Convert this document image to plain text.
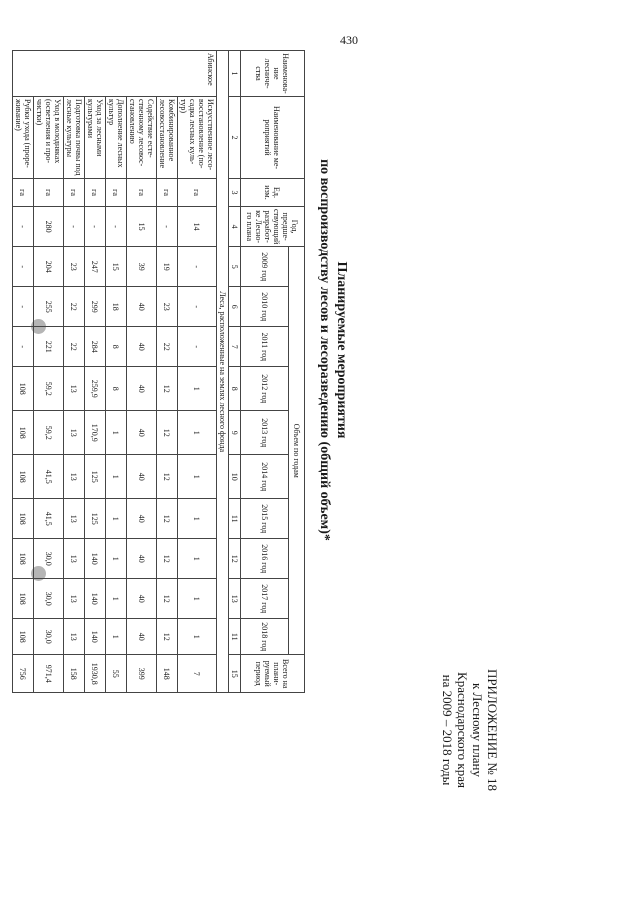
430
ПРИЛОЖЕНИЕ № 18
к Лесному плану
Краснодарского края
на 2009 – 2018 годы
Планируемые мероприятия
по воспроизводству лесов и лесоразведению (общий объем)*
Наименова-ние лесниче-ства	Наименование ме-роприятий	Ед. изм.	Год, предше-ствующий разработ-ке Лесно-го плана	Объем по годам										Всего на плани-руемый период
				2009 год	2010 год	2011 год	2012 год	2013 год	2014 год	2015 год	2016 год	2017 год	2018 год	
1	2	3	4	5	6	7	8	9	10	11	12	13	11	15
Леса, расположенные на землях лесного фонда														
Абинское	Искусственное лесо-восстановление (по-садка лесных куль-тур)	га	14	-	-	-	1	1	1	1	1	1	1	7
	Комбинированное лесовосстановление	га	-	19	23	22	12	12	12	12	12	12	12	148
	Содействие есте-ственному лесовос-становлению	га	15	39	40	40	40	40	40	40	40	40	40	399
	Дополнение лесных культур	га	-	15	18	8	8	1	1	1	1	1	1	55
	Уход за лесными культурами	га	-	247	299	284	259,9	170,9	125	125	140	140	140	1930,8
	Подготовка почвы под лесные культуры	га	-	23	22	22	13	13	13	13	13	13	13	158
	Уход в молодняках (осветления и про-чистки)	га	280	204	255	221	59,2	59,2	41,5	41,5	30,0	30,0	30,0	971,4
	Рубки ухода (проре-живание)	га	-	-	-	-	108	108	108	108	108	108	108	756
